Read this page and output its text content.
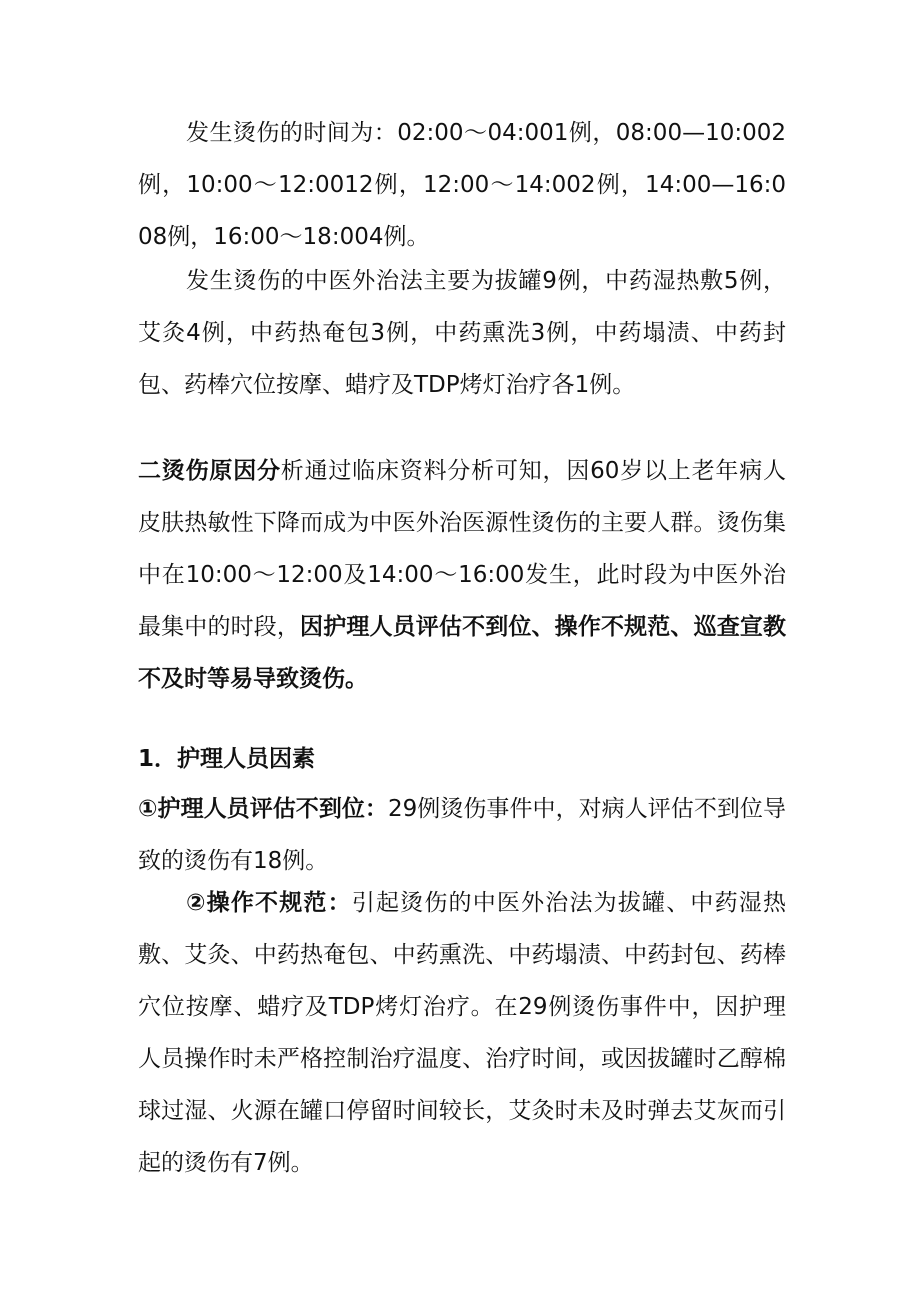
发生烫伤的时间为：02:00～04:001例，08:00—10:002例，10:00～12:0012例，12:00～14:002例，14:00—16:008例，16:00～18:004例。

发生烫伤的中医外治法主要为拔罐9例，中药湿热敷5例，艾灸4例，中药热奄包3例，中药熏洗3例，中药塌渍、中药封包、药棒穴位按摩、蜡疗及TDP烤灯治疗各1例。

二烫伤原因分析通过临床资料分析可知，因60岁以上老年病人皮肤热敏性下降而成为中医外治医源性烫伤的主要人群。烫伤集中在10:00～12:00及14:00～16:00发生，此时段为中医外治最集中的时段，因护理人员评估不到位、操作不规范、巡查宣教不及时等易导致烫伤。

1．护理人员因素

①护理人员评估不到位：29例烫伤事件中，对病人评估不到位导致的烫伤有18例。

②操作不规范：引起烫伤的中医外治法为拔罐、中药湿热敷、艾灸、中药热奄包、中药熏洗、中药塌渍、中药封包、药棒穴位按摩、蜡疗及TDP烤灯治疗。在29例烫伤事件中，因护理人员操作时未严格控制治疗温度、治疗时间，或因拔罐时乙醇棉球过湿、火源在罐口停留时间较长，艾灸时未及时弹去艾灰而引起的烫伤有7例。
